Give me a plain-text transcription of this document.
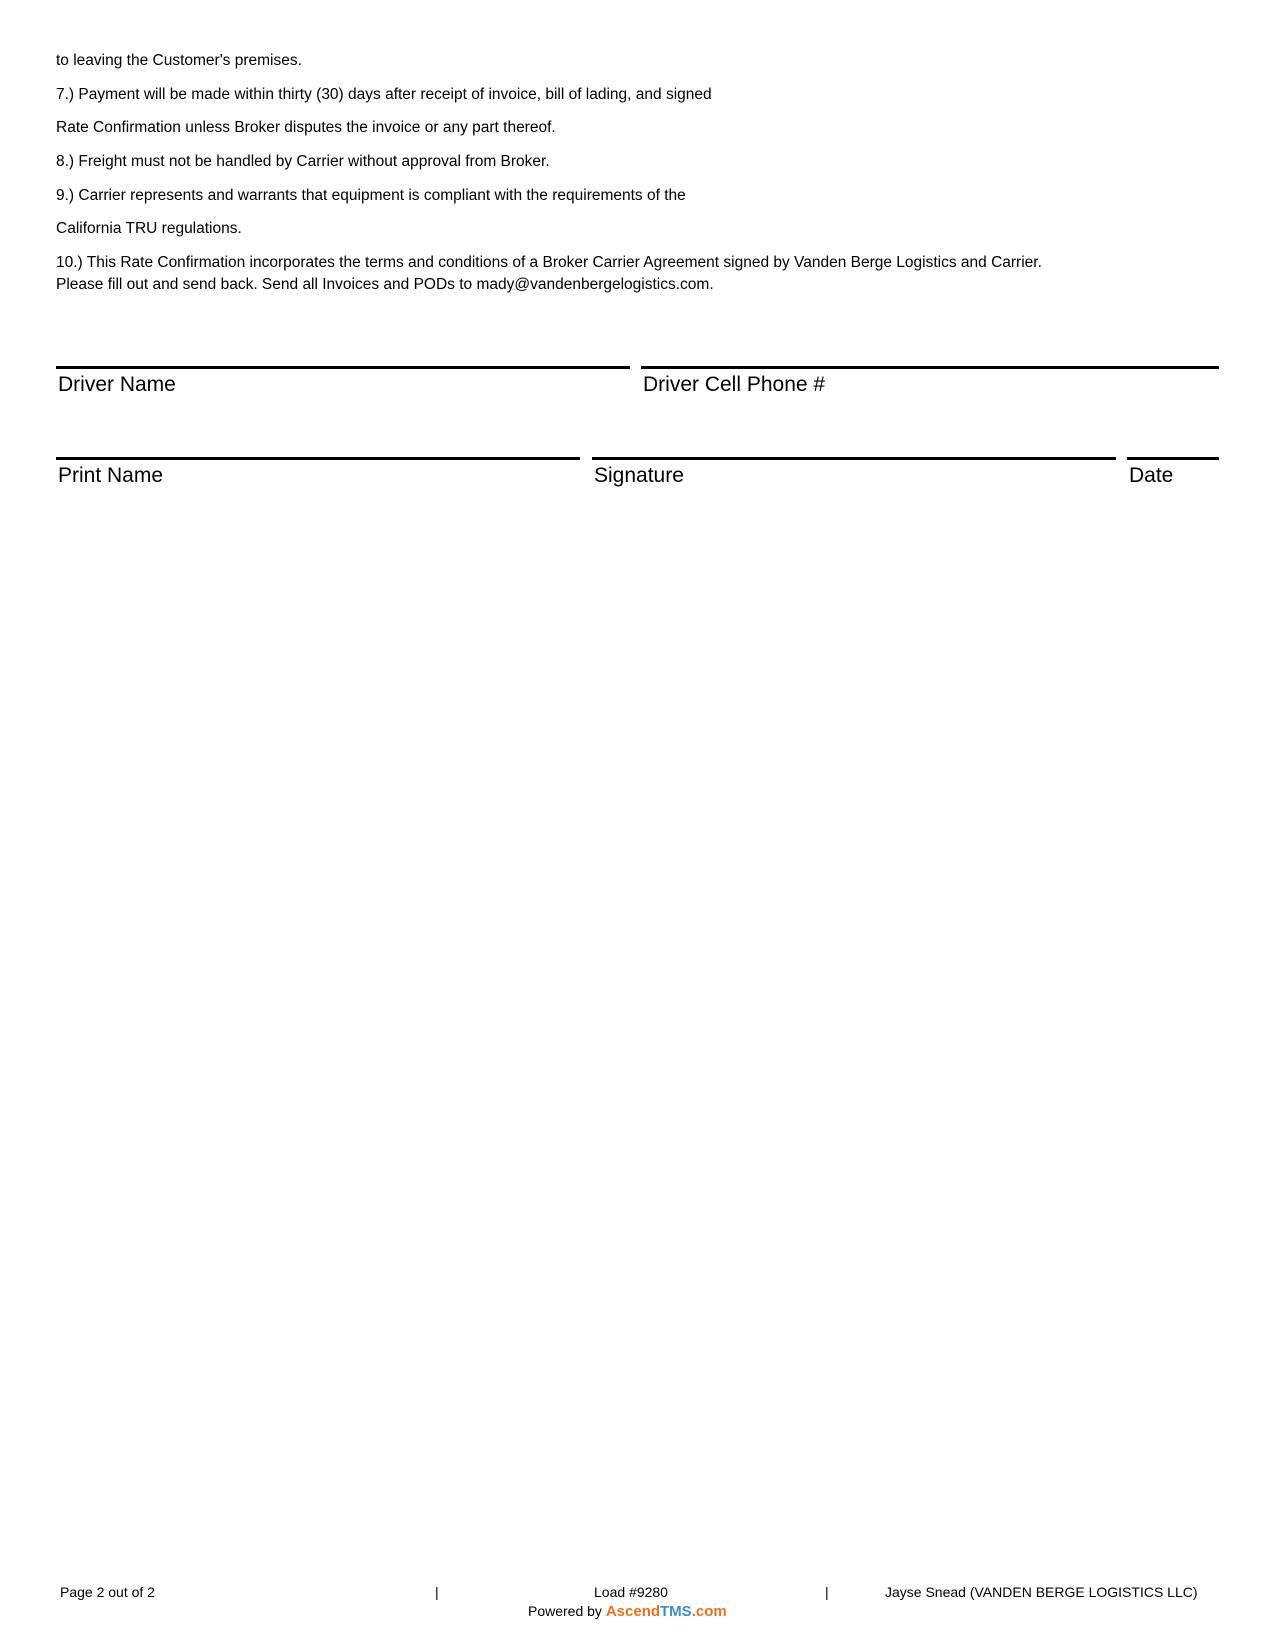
to leaving the Customer's premises.
7.) Payment will be made within thirty (30) days after receipt of invoice, bill of lading, and signed
Rate Confirmation unless Broker disputes the invoice or any part thereof.
8.) Freight must not be handled by Carrier without approval from Broker.
9.) Carrier represents and warrants that equipment is compliant with the requirements of the
California TRU regulations.
10.) This Rate Confirmation incorporates the terms and conditions of a Broker Carrier Agreement signed by Vanden Berge Logistics and Carrier.
Please fill out and send back. Send all Invoices and PODs to mady@vandenbergelogistics.com.
Driver Name	Driver Cell Phone #
Print Name	Signature	Date
Page 2 out of 2	|	Load #9280	|	Jayse Snead (VANDEN BERGE LOGISTICS LLC)
Powered by AscendTMS.com
